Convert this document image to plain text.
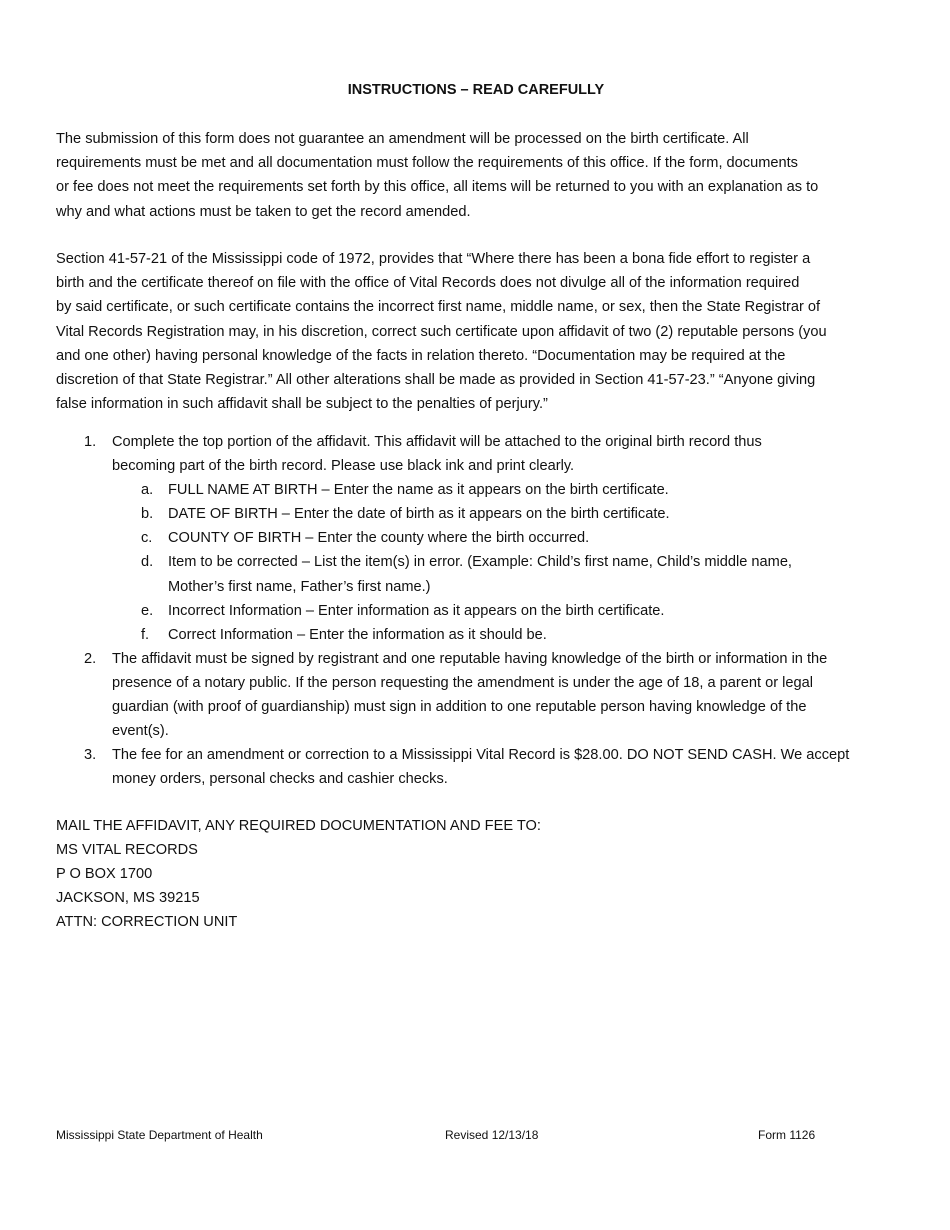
INSTRUCTIONS – READ CAREFULLY
The submission of this form does not guarantee an amendment will be processed on the birth certificate. All
requirements must be met and all documentation must follow the requirements of this office. If the form, documents
or fee does not meet the requirements set forth by this office, all items will be returned to you with an explanation as to
why and what actions must be taken to get the record amended.
Section 41-57-21 of the Mississippi code of 1972, provides that “Where there has been a bona fide effort to register a
birth and the certificate thereof on file with the office of Vital Records does not divulge all of the information required
by said certificate, or such certificate contains the incorrect first name, middle name, or sex, then the State Registrar of
Vital Records Registration may, in his discretion, correct such certificate upon affidavit of two (2) reputable persons (you
and one other) having personal knowledge of the facts in relation thereto. “Documentation may be required at the
discretion of that State Registrar.” All other alterations shall be made as provided in Section 41-57-23.” “Anyone giving
false information in such affidavit shall be subject to the penalties of perjury.”
1. Complete the top portion of the affidavit. This affidavit will be attached to the original birth record thus
becoming part of the birth record. Please use black ink and print clearly.
a. FULL NAME AT BIRTH – Enter the name as it appears on the birth certificate.
b. DATE OF BIRTH – Enter the date of birth as it appears on the birth certificate.
c. COUNTY OF BIRTH – Enter the county where the birth occurred.
d. Item to be corrected – List the item(s) in error. (Example: Child’s first name, Child’s middle name,
Mother’s first name, Father’s first name.)
e. Incorrect Information – Enter information as it appears on the birth certificate.
f. Correct Information – Enter the information as it should be.
2. The affidavit must be signed by registrant and one reputable having knowledge of the birth or information in the
presence of a notary public. If the person requesting the amendment is under the age of 18, a parent or legal
guardian (with proof of guardianship) must sign in addition to one reputable person having knowledge of the
event(s).
3. The fee for an amendment or correction to a Mississippi Vital Record is $28.00. DO NOT SEND CASH. We accept
money orders, personal checks and cashier checks.
MAIL THE AFFIDAVIT, ANY REQUIRED DOCUMENTATION AND FEE TO:
MS VITAL RECORDS
P O BOX 1700
JACKSON, MS 39215
ATTN: CORRECTION UNIT
Mississippi State Department of Health	Revised 12/13/18	Form 1126
